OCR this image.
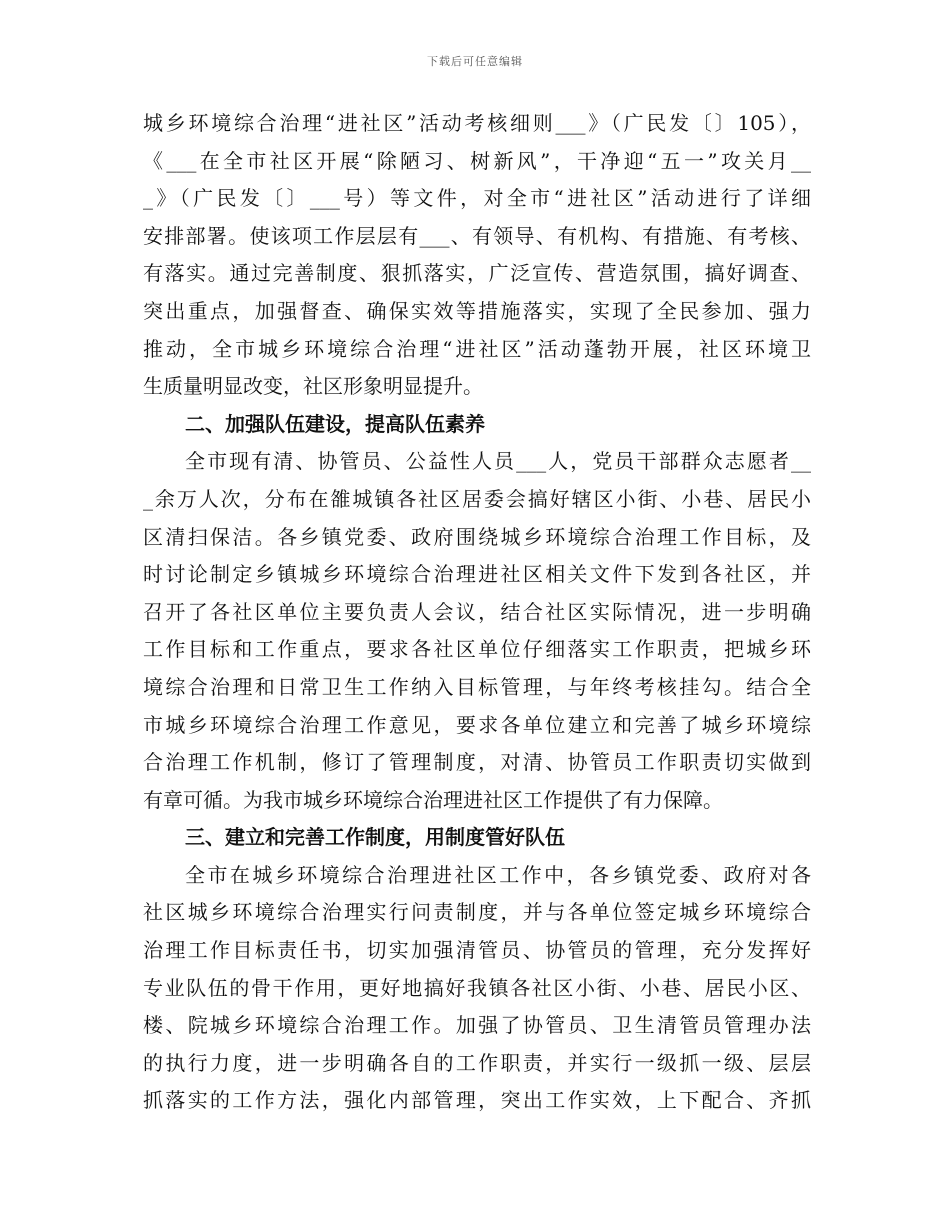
下载后可任意编辑
城乡环境综合治理“进社区”活动考核细则___》（广民发〔〕105），
《___在全市社区开展“除陋习、树新风”，干净迎“五一”攻关月__
_》（广民发〔〕___号）等文件，对全市“进社区”活动进行了详细
安排部署。使该项工作层层有___、有领导、有机构、有措施、有考核、
有落实。通过完善制度、狠抓落实，广泛宣传、营造氛围，搞好调查、
突出重点，加强督查、确保实效等措施落实，实现了全民参加、强力
推动，全市城乡环境综合治理“进社区”活动蓬勃开展，社区环境卫
生质量明显改变，社区形象明显提升。
二、加强队伍建设，提高队伍素养
全市现有清、协管员、公益性人员___人，党员干部群众志愿者__
_余万人次，分布在雒城镇各社区居委会搞好辖区小街、小巷、居民小
区清扫保洁。各乡镇党委、政府围绕城乡环境综合治理工作目标，及
时讨论制定乡镇城乡环境综合治理进社区相关文件下发到各社区，并
召开了各社区单位主要负责人会议，结合社区实际情况，进一步明确
工作目标和工作重点，要求各社区单位仔细落实工作职责，把城乡环
境综合治理和日常卫生工作纳入目标管理，与年终考核挂勾。结合全
市城乡环境综合治理工作意见，要求各单位建立和完善了城乡环境综
合治理工作机制，修订了管理制度，对清、协管员工作职责切实做到
有章可循。为我市城乡环境综合治理进社区工作提供了有力保障。
三、建立和完善工作制度，用制度管好队伍
全市在城乡环境综合治理进社区工作中，各乡镇党委、政府对各
社区城乡环境综合治理实行问责制度，并与各单位签定城乡环境综合
治理工作目标责任书，切实加强清管员、协管员的管理，充分发挥好
专业队伍的骨干作用，更好地搞好我镇各社区小街、小巷、居民小区、
楼、院城乡环境综合治理工作。加强了协管员、卫生清管员管理办法
的执行力度，进一步明确各自的工作职责，并实行一级抓一级、层层
抓落实的工作方法，强化内部管理，突出工作实效，上下配合、齐抓
